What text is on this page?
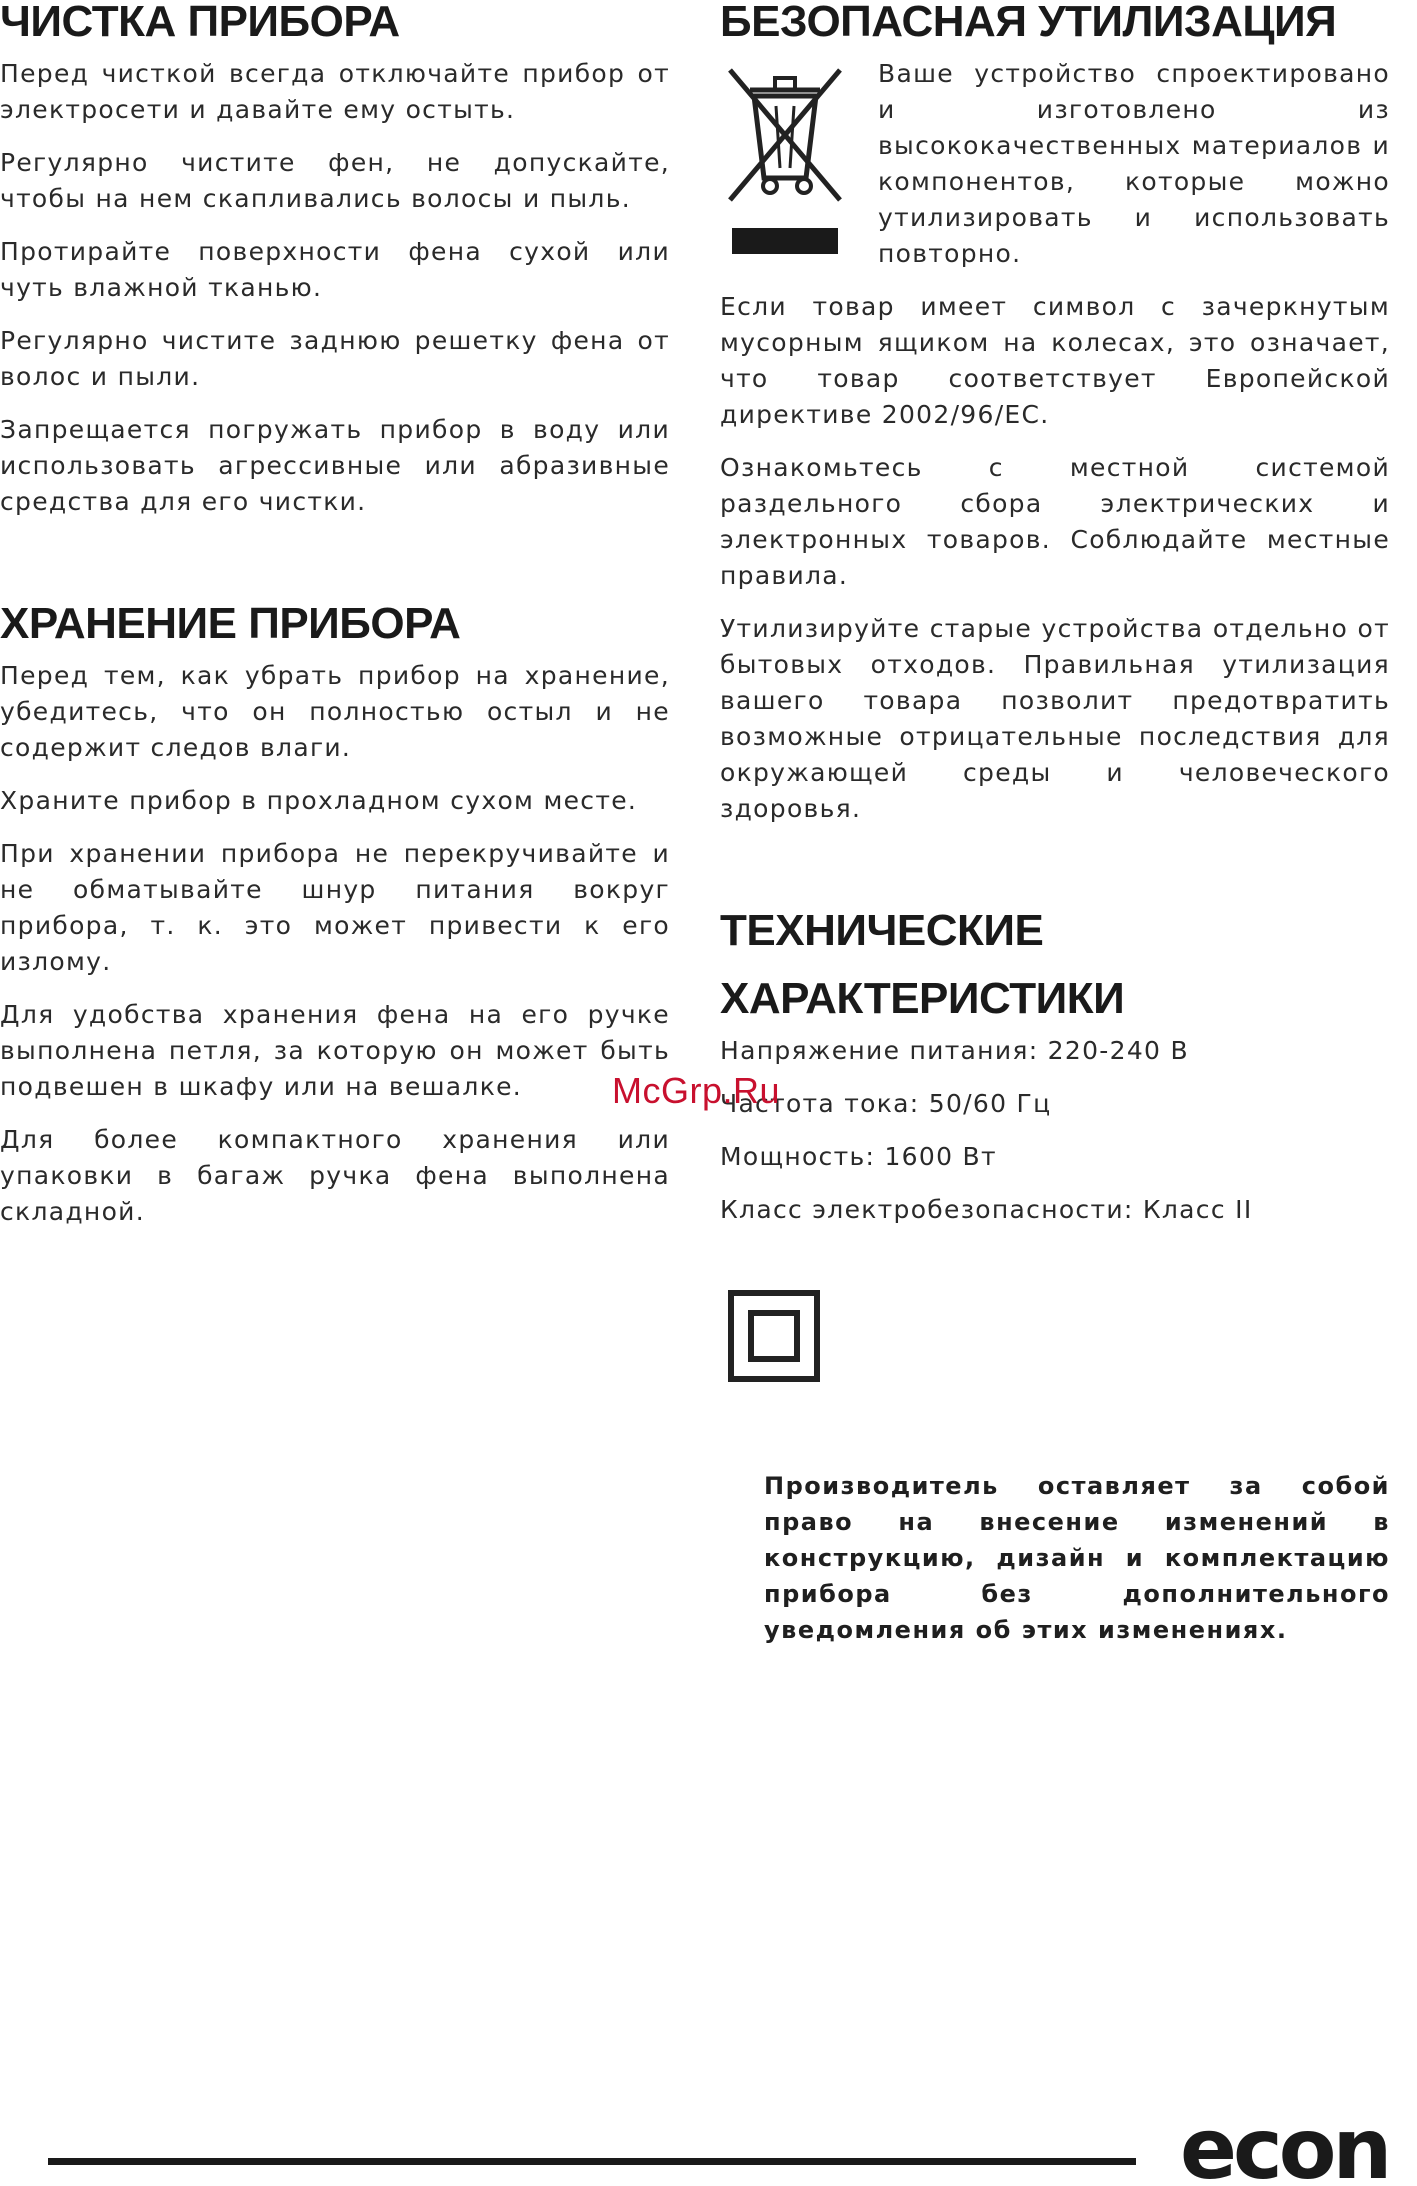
ЧИСТКА ПРИБОРА

Перед чисткой всегда отключайте прибор от электросети и давайте ему остыть.

Регулярно чистите фен, не допускайте, чтобы на нем скапливались волосы и пыль.

Протирайте поверхности фена сухой или чуть влажной тканью.

Регулярно чистите заднюю решетку фена от волос и пыли.

Запрещается погружать прибор в воду или использовать агрессивные или абразивные средства для его чистки.

ХРАНЕНИЕ ПРИБОРА

Перед тем, как убрать прибор на хранение, убедитесь, что он полностью остыл и не содержит следов влаги.

Храните прибор в прохладном сухом месте.

При хранении прибора не перекручивайте и не обматывайте шнур питания вокруг прибора, т. к. это может привести к его излому.

Для удобства хранения фена на его ручке выполнена петля, за которую он может быть подвешен в шкафу или на вешалке.

Для более компактного хранения или упаковки в багаж ручка фена выполнена складной.

БЕЗОПАСНАЯ УТИЛИЗАЦИЯ

Ваше устройство спроектировано и изготовлено из высококачественных материалов и компонентов, которые можно утилизировать и использовать повторно.

Если товар имеет символ с зачеркнутым мусорным ящиком на колесах, это означает, что товар соответствует Европейской директиве 2002/96/EC.

Ознакомьтесь с местной системой раздельного сбора электрических и электронных товаров. Соблюдайте местные правила.

Утилизируйте старые устройства отдельно от бытовых отходов. Правильная утилизация вашего товара позволит предотвратить возможные отрицательные последствия для окружающей среды и человеческого здоровья.

ТЕХНИЧЕСКИЕ
ХАРАКТЕРИСТИКИ

Напряжение питания: 220-240 В

Частота тока: 50/60 Гц

Мощность: 1600 Вт

Класс электробезопасности: Класс II

Производитель оставляет за собой право на внесение изменений в конструкцию, дизайн и комплектацию прибора без дополнительного уведомления об этих изменениях.

McGrp.Ru
econ
